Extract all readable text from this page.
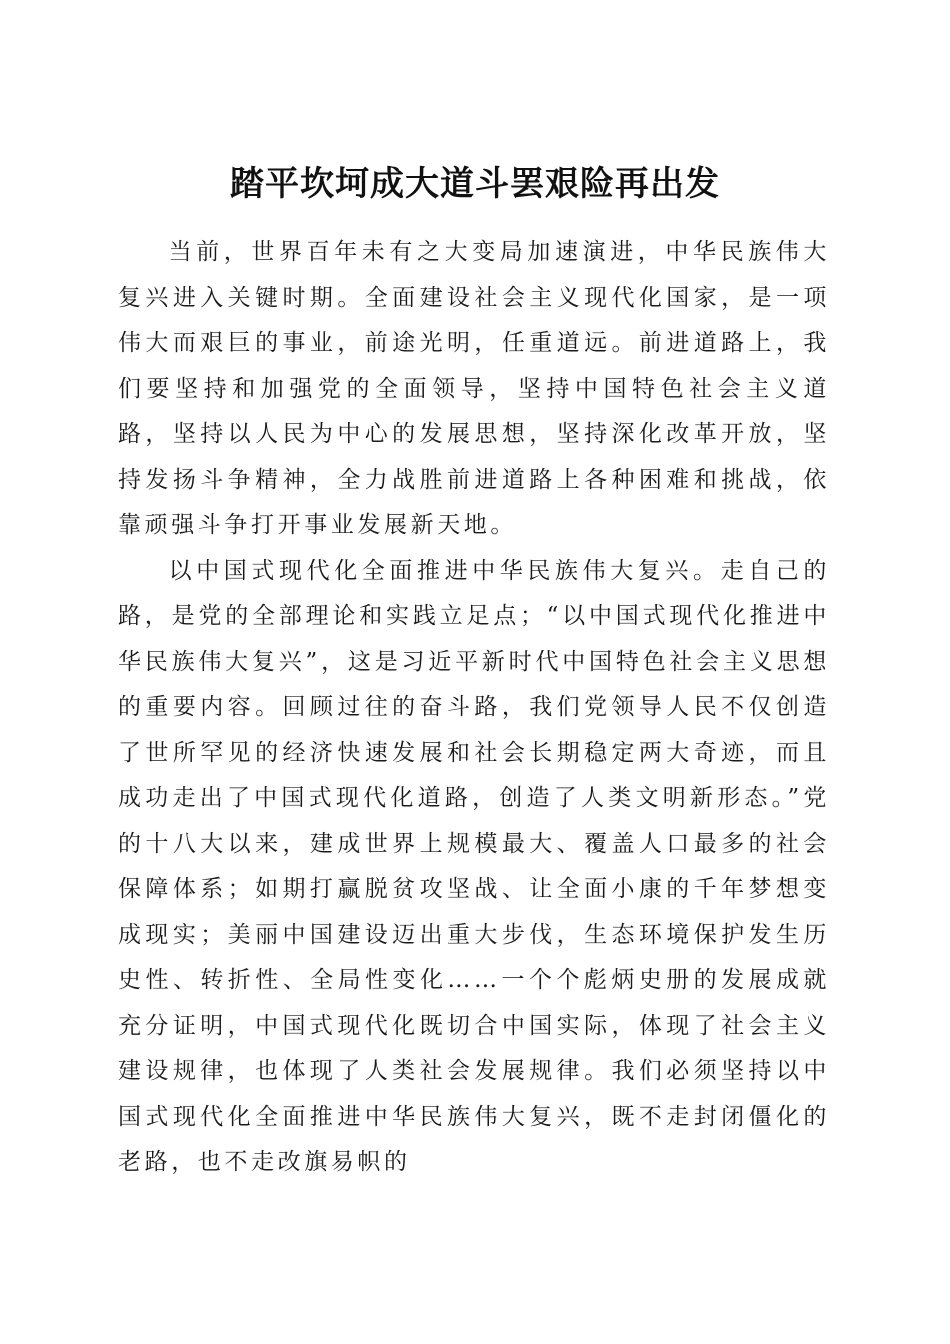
踏平坎坷成大道斗罢艰险再出发

当前，世界百年未有之大变局加速演进，中华民族伟大复兴进入关键时期。全面建设社会主义现代化国家，是一项伟大而艰巨的事业，前途光明，任重道远。前进道路上，我们要坚持和加强党的全面领导，坚持中国特色社会主义道路，坚持以人民为中心的发展思想，坚持深化改革开放，坚持发扬斗争精神，全力战胜前进道路上各种困难和挑战，依靠顽强斗争打开事业发展新天地。

以中国式现代化全面推进中华民族伟大复兴。走自己的路，是党的全部理论和实践立足点；“以中国式现代化推进中华民族伟大复兴”，这是习近平新时代中国特色社会主义思想的重要内容。回顾过往的奋斗路，我们党领导人民不仅创造了世所罕见的经济快速发展和社会长期稳定两大奇迹，而且成功走出了中国式现代化道路，创造了人类文明新形态。”党的十八大以来，建成世界上规模最大、覆盖人口最多的社会保障体系；如期打赢脱贫攻坚战、让全面小康的千年梦想变成现实；美丽中国建设迈出重大步伐，生态环境保护发生历史性、转折性、全局性变化……一个个彪炳史册的发展成就充分证明，中国式现代化既切合中国实际，体现了社会主义建设规律，也体现了人类社会发展规律。我们必须坚持以中国式现代化全面推进中华民族伟大复兴，既不走封闭僵化的老路，也不走改旗易帜的
